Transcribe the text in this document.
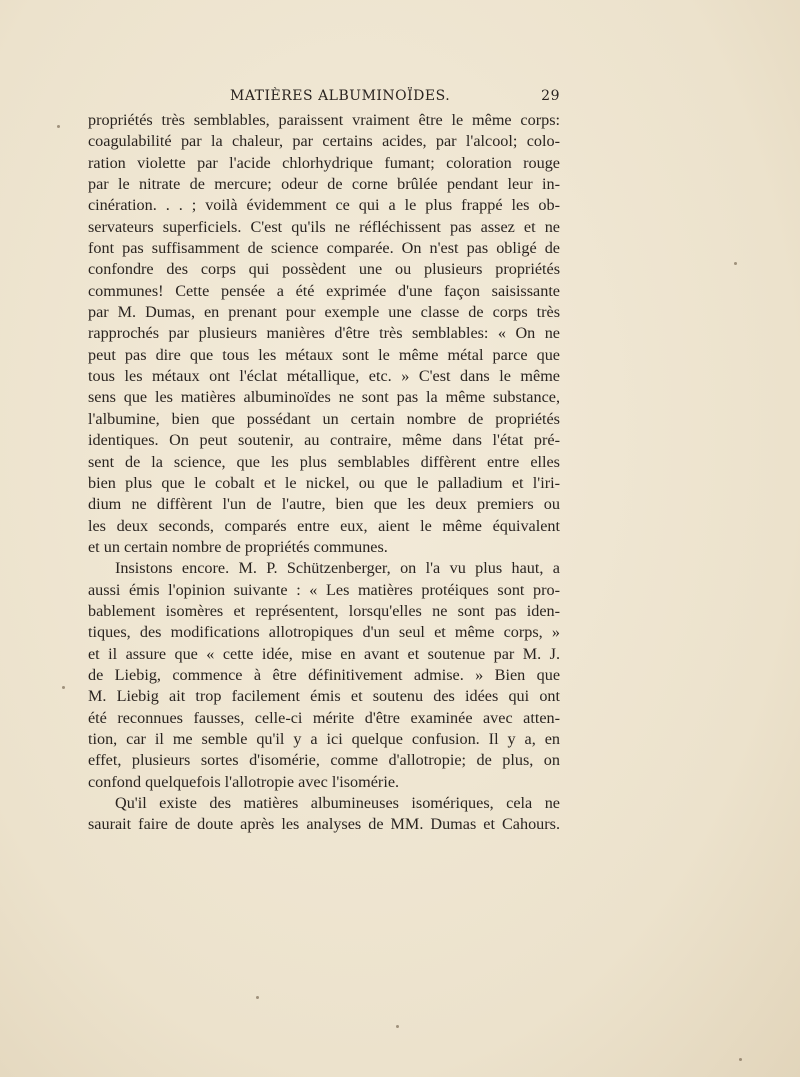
MATIÈRES ALBUMINOÏDES.	29
propriétés très semblables, paraissent vraiment être le même corps:
coagulabilité par la chaleur, par certains acides, par l'alcool; colo-
ration violette par l'acide chlorhydrique fumant; coloration rouge
par le nitrate de mercure; odeur de corne brûlée pendant leur in-
cinération. . . ; voilà évidemment ce qui a le plus frappé les ob-
servateurs superficiels. C'est qu'ils ne réfléchissent pas assez et ne
font pas suffisamment de science comparée. On n'est pas obligé de
confondre des corps qui possèdent une ou plusieurs propriétés
communes! Cette pensée a été exprimée d'une façon saisissante
par M. Dumas, en prenant pour exemple une classe de corps très
rapprochés par plusieurs manières d'être très semblables: « On ne
peut pas dire que tous les métaux sont le même métal parce que
tous les métaux ont l'éclat métallique, etc. » C'est dans le même
sens que les matières albuminoïdes ne sont pas la même substance,
l'albumine, bien que possédant un certain nombre de propriétés
identiques. On peut soutenir, au contraire, même dans l'état pré-
sent de la science, que les plus semblables diffèrent entre elles
bien plus que le cobalt et le nickel, ou que le palladium et l'iri-
dium ne diffèrent l'un de l'autre, bien que les deux premiers ou
les deux seconds, comparés entre eux, aient le même équivalent
et un certain nombre de propriétés communes.
Insistons encore. M. P. Schützenberger, on l'a vu plus haut, a
aussi émis l'opinion suivante : « Les matières protéiques sont pro-
bablement isomères et représentent, lorsqu'elles ne sont pas iden-
tiques, des modifications allotropiques d'un seul et même corps, »
et il assure que « cette idée, mise en avant et soutenue par M. J.
de Liebig, commence à être définitivement admise. » Bien que
M. Liebig ait trop facilement émis et soutenu des idées qui ont
été reconnues fausses, celle-ci mérite d'être examinée avec atten-
tion, car il me semble qu'il y a ici quelque confusion. Il y a, en
effet, plusieurs sortes d'isomérie, comme d'allotropie; de plus, on
confond quelquefois l'allotropie avec l'isomérie.
Qu'il existe des matières albumineuses isomériques, cela ne
saurait faire de doute après les analyses de MM. Dumas et Cahours.
